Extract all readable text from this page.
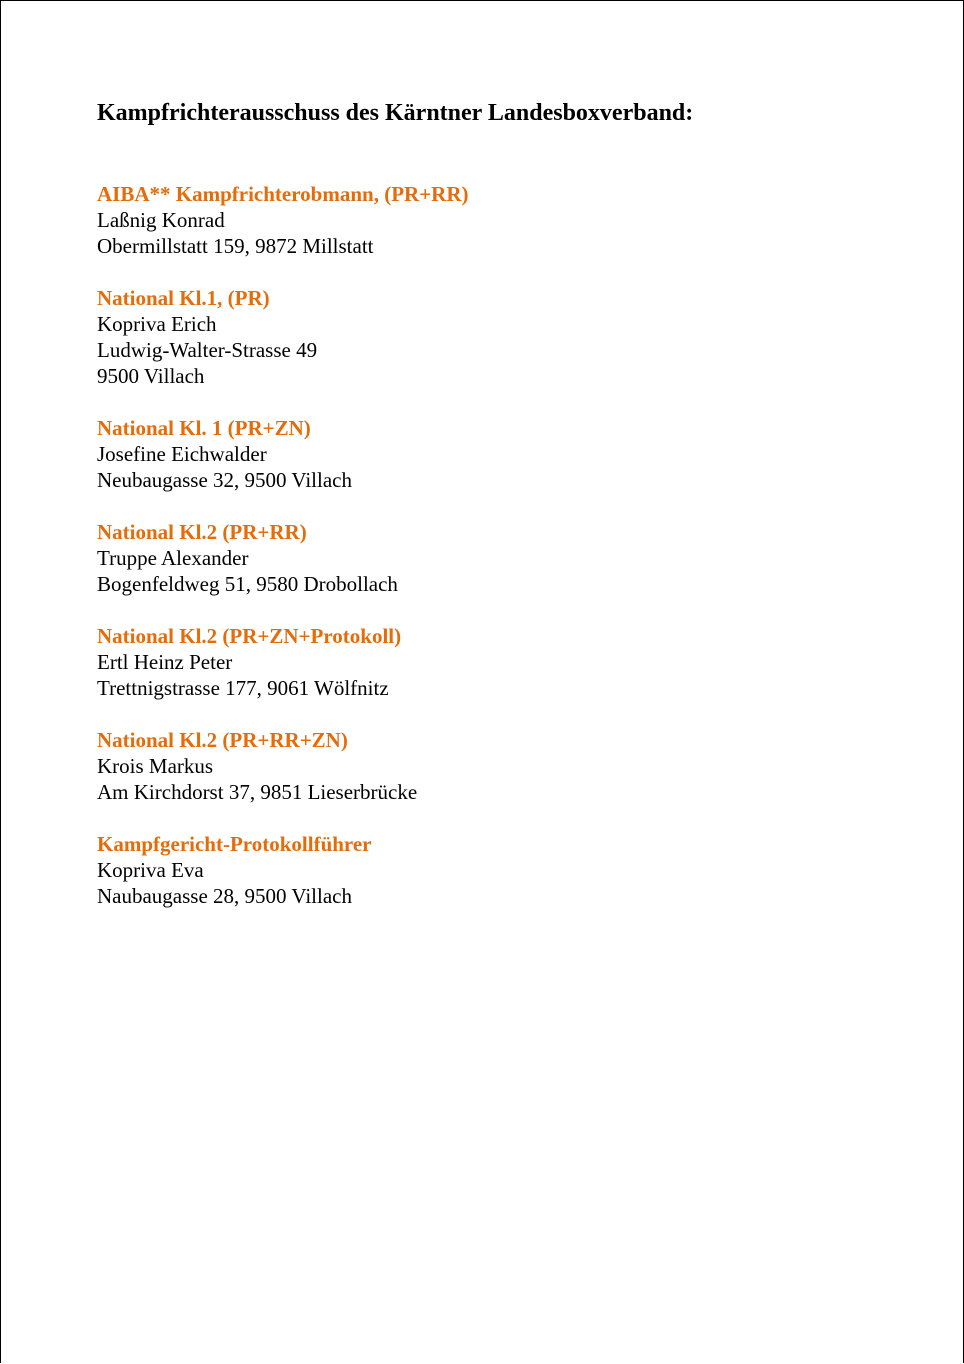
Kampfrichterausschuss des Kärntner Landesboxverband:
AIBA** Kampfrichterobmann, (PR+RR)
Laßnig Konrad
Obermillstatt 159, 9872 Millstatt
National Kl.1, (PR)
Kopriva Erich
Ludwig-Walter-Strasse 49
9500 Villach
National Kl. 1 (PR+ZN)
Josefine Eichwalder
Neubaugasse 32, 9500 Villach
National Kl.2 (PR+RR)
Truppe Alexander
Bogenfeldweg 51, 9580 Drobollach
National Kl.2 (PR+ZN+Protokoll)
Ertl Heinz Peter
Trettnigstrasse 177, 9061 Wölfnitz
National Kl.2 (PR+RR+ZN)
Krois Markus
Am Kirchdorst 37, 9851 Lieserbrücke
Kampfgericht-Protokollführer
Kopriva Eva
Naubaugasse 28, 9500 Villach
